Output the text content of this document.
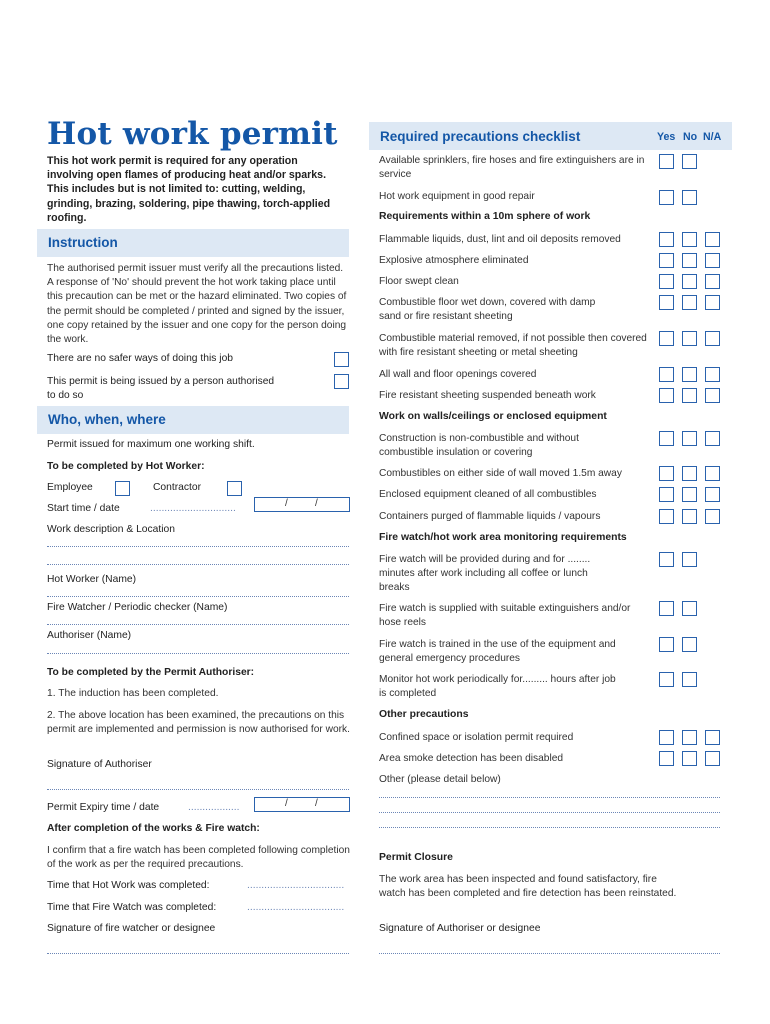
Hot work permit
This hot work permit is required for any operation involving open flames of producing heat and/or sparks. This includes but is not limited to: cutting, welding, grinding, brazing, soldering, pipe thawing, torch-applied roofing.
Instruction
The authorised permit issuer must verify all the precautions listed. A response of 'No' should prevent the hot work taking place until this precaution can be met or the hazard eliminated. Two copies of the permit should be completed / printed and signed by the issuer, one copy retained by the issuer and one copy for the person doing the work.
There are no safer ways of doing this job
This permit is being issued by a person authorised to do so
Who, when, where
Permit issued for maximum one working shift.
To be completed by Hot Worker:
Employee	Contractor
Start time / date	..............................	/	/
Work description & Location
Hot Worker (Name)
Fire Watcher / Periodic checker (Name)
Authoriser (Name)
To be completed by the Permit Authoriser:
1. The induction has been completed.
2. The above location has been examined, the precautions on this permit are implemented and permission is now authorised for work.
Signature of Authoriser
Permit Expiry time / date	..................	/	/
After completion of the works & Fire watch:
I confirm that a fire watch has been completed following completion of the work as per the required precautions.
Time that Hot Work was completed:	..................................
Time that Fire Watch was completed:	..................................
Signature of fire watcher or designee
Required precautions checklist	Yes No N/A
Available sprinklers, fire hoses and fire extinguishers are in service
Hot work equipment in good repair
Requirements within a 10m sphere of work
Flammable liquids, dust, lint and oil deposits removed
Explosive atmosphere eliminated
Floor swept clean
Combustible floor wet down, covered with damp sand or fire resistant sheeting
Combustible material removed, if not possible then covered with fire resistant sheeting or metal sheeting
All wall and floor openings covered
Fire resistant sheeting suspended beneath work
Work on walls/ceilings or enclosed equipment
Construction is non-combustible and without combustible insulation or covering
Combustibles on either side of wall moved 1.5m away
Enclosed equipment cleaned of all combustibles
Containers purged of flammable liquids / vapours
Fire watch/hot work area monitoring requirements
Fire watch will be provided during and for ........ minutes after work including all coffee or lunch breaks
Fire watch is supplied with suitable extinguishers and/or hose reels
Fire watch is trained in the use of the equipment and general emergency procedures
Monitor hot work periodically for......... hours after job is completed
Other precautions
Confined space or isolation permit required
Area smoke detection has been disabled
Other (please detail below)
Permit Closure
The work area has been inspected and found satisfactory, fire watch has been completed and fire detection has been reinstated.
Signature of Authoriser or designee
